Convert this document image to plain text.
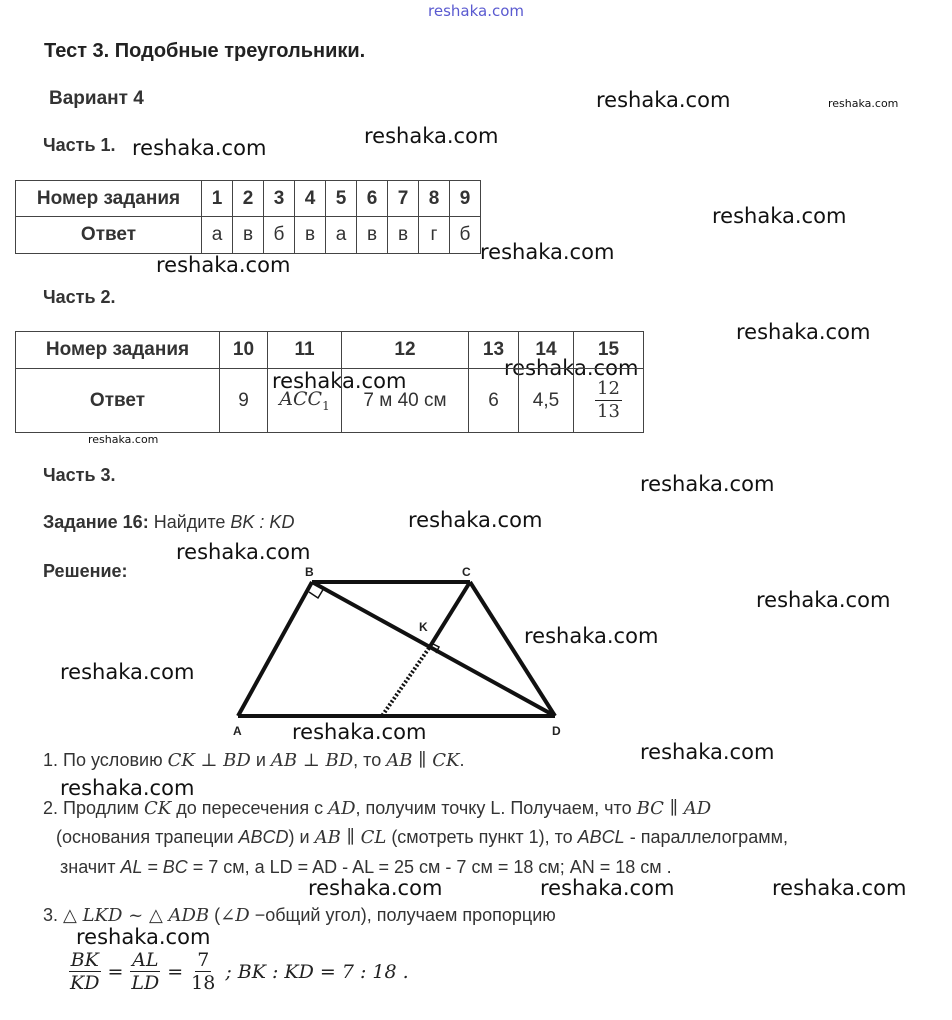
reshaka.com
reshaka.com	reshaka.com
reshaka.com	reshaka.com
reshaka.com
reshaka.com
reshaka.com
reshaka.com
reshaka.com
reshaka.com
reshaka.com
reshaka.com
reshaka.com
reshaka.com
reshaka.com
reshaka.com
reshaka.com
reshaka.com
reshaka.com
reshaka.com
reshaka.com	reshaka.com	reshaka.com
reshaka.com
Тест 3. Подобные треугольники.
Вариант 4
Часть 1.
Номер задания	1	2	3	4	5	6	7	8	9
Ответ	а	в	б	в	а	в	в	г	б
Часть 2.
Номер задания	10	11	12	13	14	15
Ответ	9	$ACC_1$	7 м 40 см	6	4,5	$\frac{12}{13}$
Часть 3.
Задание 16: Найдите BK : KD
Решение:	B	C
K
A	D
1. По условию CK ⊥ BD и AB ⊥ BD, то AB ∥ CK.
2. Продлим CK до пересечения с AD, получим точку L. Получаем, что BC ∥ AD
(основания трапеции ABCD) и AB ∥ CL (смотреть пункт 1), то ABCL - параллелограмм,
значит AL = BC = 7 см, а LD = AD - AL = 25 см - 7 см = 18 см; AN = 18 см .
3. △ LKD ~ △ ADB (∠D −общий угол), получаем пропорцию
$\frac{BK}{KD} = \frac{AL}{LD} = \frac{7}{18}$ ; BK : KD = 7 : 18 .
